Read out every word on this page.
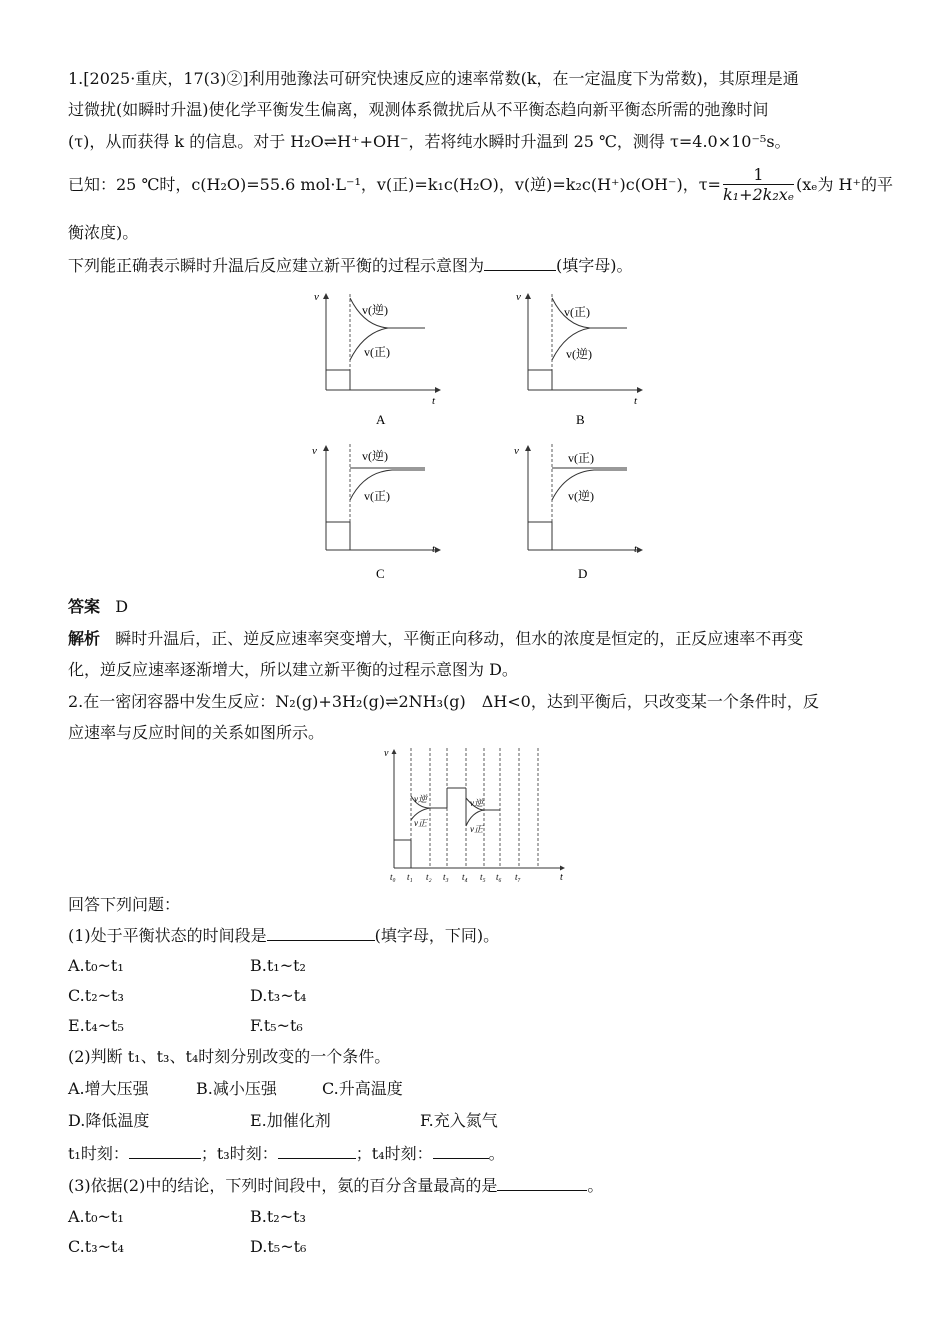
1.[2025·重庆，17(3)②]利用弛豫法可研究快速反应的速率常数(k，在一定温度下为常数)，其原理是通
过微扰(如瞬时升温)使化学平衡发生偏离，观测体系微扰后从不平衡态趋向新平衡态所需的弛豫时间
(τ)，从而获得 k 的信息。对于 H₂O⇌H⁺+OH⁻，若将纯水瞬时升温到 25 ℃，测得 τ=4.0×10⁻⁵s。
已知：25 ℃时，c(H₂O)=55.6 mol·L⁻¹，v(正)=k₁c(H₂O)，v(逆)=k₂c(H⁺)c(OH⁻)，$\tau= \frac{1}{\text{k₁+2k₂xₑ}} (x_e$为 H⁺的平
衡浓度)。
下列能正确表示瞬时升温后反应建立新平衡的过程示意图为	(填字母)。
v
t
v(逆)
v(正)
A
v
t
v(正)
v(逆)
B
v
t
v(逆)
v(正)
C
v
t
v(正)
v(逆)
D
答案 D
解析 瞬时升温后，正、逆反应速率突变增大，平衡正向移动，但水的浓度是恒定的，正反应速率不再变
化，逆反应速率逐渐增大，所以建立新平衡的过程示意图为 D。
2.在一密闭容器中发生反应：N₂(g)+3H₂(g)⇌2NH₃(g)　ΔH<0，达到平衡后，只改变某一个条件时，反
应速率与反应时间的关系如图所示。
v
t
v逆
v正
v逆
v正
t₀ t₁ t₂ t₃ t₄ t₅ t₆ t₇
回答下列问题：
(1)处于平衡状态的时间段是	(填字母，下同)。
A.t₀~t₁	B.t₁~t₂
C.t₂~t₃	D.t₃~t₄
E.t₄~t₅	F.t₅~t₆
(2)判断 t₁、t₃、t₄时刻分别改变的一个条件。
A.增大压强	B.减小压强	C.升高温度
D.降低温度	E.加催化剂	F.充入氮气
t₁时刻：	；t₃时刻：	；t₄时刻：	。
(3)依据(2)中的结论，下列时间段中，氨的百分含量最高的是	。
A.t₀~t₁	B.t₂~t₃
C.t₃~t₄	D.t₅~t₆
